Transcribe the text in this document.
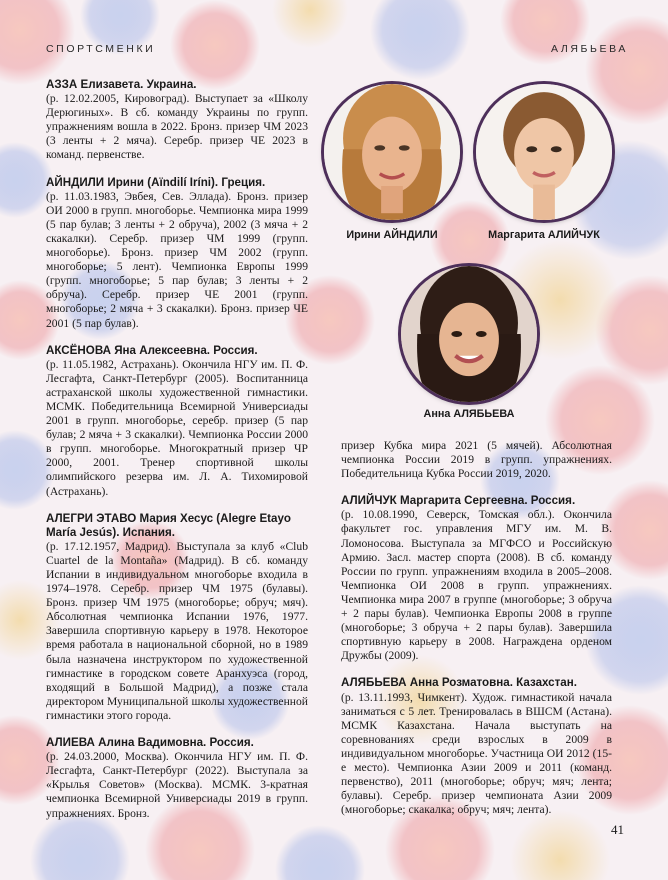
СПОРТСМЕНКИ	АЛЯБЬЕВА
АЗЗА Елизавета. Украина.
(р. 12.02.2005, Кировоград). Выступает за «Школу Дерюгиных». В сб. команду Украины по групп. упражнениям вошла в 2022. Бронз. призер ЧМ 2023 (3 ленты + 2 мяча). Серебр. призер ЧЕ 2023 в команд. первенстве.
АЙНДИЛИ Ирини (Aïndilí Iríni). Греция.
(р. 11.03.1983, Эвбея, Сев. Эллада). Бронз. призер ОИ 2000 в групп. многоборье. Чемпионка мира 1999 (5 пар булав; 3 ленты + 2 обруча), 2002 (3 мяча + 2 скакалки). Серебр. призер ЧМ 1999 (групп. многоборье). Бронз. призер ЧМ 2002 (групп. многоборье; 5 лент). Чемпионка Европы 1999 (групп. многоборье; 5 пар булав; 3 ленты + 2 обруча). Серебр. призер ЧЕ 2001 (групп. многоборье; 2 мяча + 3 скакалки). Бронз. призер ЧЕ 2001 (5 пар булав).
АКСЁНОВА Яна Алексеевна. Россия.
(р. 11.05.1982, Астрахань). Окончила НГУ им. П. Ф. Лесгафта, Санкт-Петербург (2005). Воспитанница астраханской школы художественной гимнастики. МСМК. Победительница Всемирной Универсиады 2001 в групп. многоборье, серебр. призер (5 пар булав; 2 мяча + 3 скакалки). Чемпионка России 2000 в групп. многоборье. Многократный призер ЧР 2000, 2001. Тренер спортивной школы олимпийского резерва им. Л. А. Тихомировой (Астрахань).
АЛЕГРИ ЭТАВО Мария Хесус (Alegre Etayo María Jesús). Испания.
(р. 17.12.1957, Мадрид). Выступала за клуб «Club Cuartel de la Montaña» (Мадрид). В сб. команду Испании в индивидуальном многоборье входила в 1974–1978. Серебр. призер ЧМ 1975 (булавы). Бронз. призер ЧМ 1975 (многоборье; обруч; мяч). Абсолютная чемпионка Испании 1976, 1977. Завершила спортивную карьеру в 1978. Некоторое время работала в национальной сборной, но в 1989 была назначена инструктором по художественной гимнастике в городском совете Аранхуэса (город, входящий в Большой Мадрид), а позже стала директором Муниципальной школы художественной гимнастики этого города.
АЛИЕВА Алина Вадимовна. Россия.
(р. 24.03.2000, Москва). Окончила НГУ им. П. Ф. Лесгафта, Санкт-Петербург (2022). Выступала за «Крылья Советов» (Москва). МСМК. 3-кратная чемпионка Всемирной Универсиады 2019 в групп. упражнениях. Бронз.
Ирини АЙНДИЛИ	Маргарита АЛИЙЧУК
Анна АЛЯБЬЕВА
призер Кубка мира 2021 (5 мячей). Абсолютная чемпионка России 2019 в групп. упражнениях. Победительница Кубка России 2019, 2020.
АЛИЙЧУК Маргарита Сергеевна. Россия.
(р. 10.08.1990, Северск, Томская обл.). Окончила факультет гос. управления МГУ им. М. В. Ломоносова. Выступала за МГФСО и Российскую Армию. Засл. мастер спорта (2008). В сб. команду России по групп. упражнениям входила в 2005–2008. Чемпионка ОИ 2008 в групп. упражнениях. Чемпионка мира 2007 в группе (многоборье; 3 обруча + 2 пары булав). Чемпионка Европы 2008 в группе (многоборье; 3 обруча + 2 пары булав). Завершила спортивную карьеру в 2008. Награждена орденом Дружбы (2009).
АЛЯБЬЕВА Анна Розматовна. Казахстан.
(р. 13.11.1993, Чимкент). Худож. гимнастикой начала заниматься с 5 лет. Тренировалась в ВШСМ (Астана). МСМК Казахстана. Начала выступать на соревнованиях среди взрослых в 2009 в индивидуальном многоборье. Участница ОИ 2012 (15-е место). Чемпионка Азии 2009 и 2011 (команд. первенство), 2011 (многоборье; обруч; мяч; лента; булавы). Серебр. призер чемпионата Азии 2009 (многоборье; скакалка; обруч; мяч; лента).
41
